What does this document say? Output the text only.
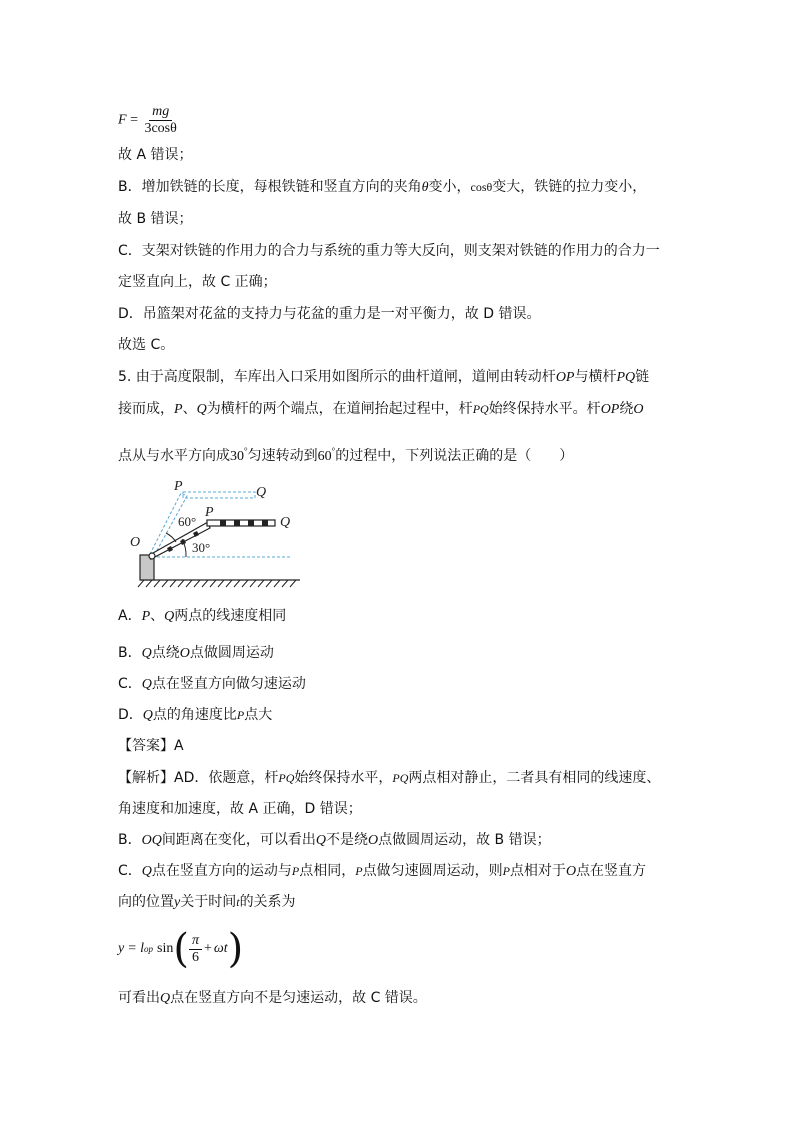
$F = \frac{mg}{3\cos\theta}$
故 A 错误；
B．增加铁链的长度，每根铁链和竖直方向的夹角θ变小，cosθ变大，铁链的拉力变小，
故 B 错误；
C．支架对铁链的作用力的合力与系统的重力等大反向，则支架对铁链的作用力的合力一
定竖直向上，故 C 正确；
D．吊篮架对花盆的支持力与花盆的重力是一对平衡力，故 D 错误。
故选 C。
5. 由于高度限制，车库出入口采用如图所示的曲杆道闸，道闸由转动杆OP与横杆PQ链
接而成，P、Q为横杆的两个端点，在道闸抬起过程中，杆PQ始终保持水平。杆OP绕O
点从与水平方向成30°匀速转动到60°的过程中，下列说法正确的是（　　）
P	Q
P
Q
O
60°
30°
A．P、Q两点的线速度相同
B．Q点绕O点做圆周运动
C．Q点在竖直方向做匀速运动
D．Q点的角速度比P点大
【答案】A
【解析】AD．依题意，杆PQ始终保持水平，PQ两点相对静止，二者具有相同的线速度、
角速度和加速度，故 A 正确，D 错误；
B．OQ间距离在变化，可以看出Q不是绕O点做圆周运动，故 B 错误；
C．Q点在竖直方向的运动与P点相同，P点做匀速圆周运动，则P点相对于O点在竖直方
向的位置y关于时间t的关系为
y = l op sin ( $\frac{\pi}{6} + \omega t$ )
可看出Q点在竖直方向不是匀速运动，故 C 错误。
